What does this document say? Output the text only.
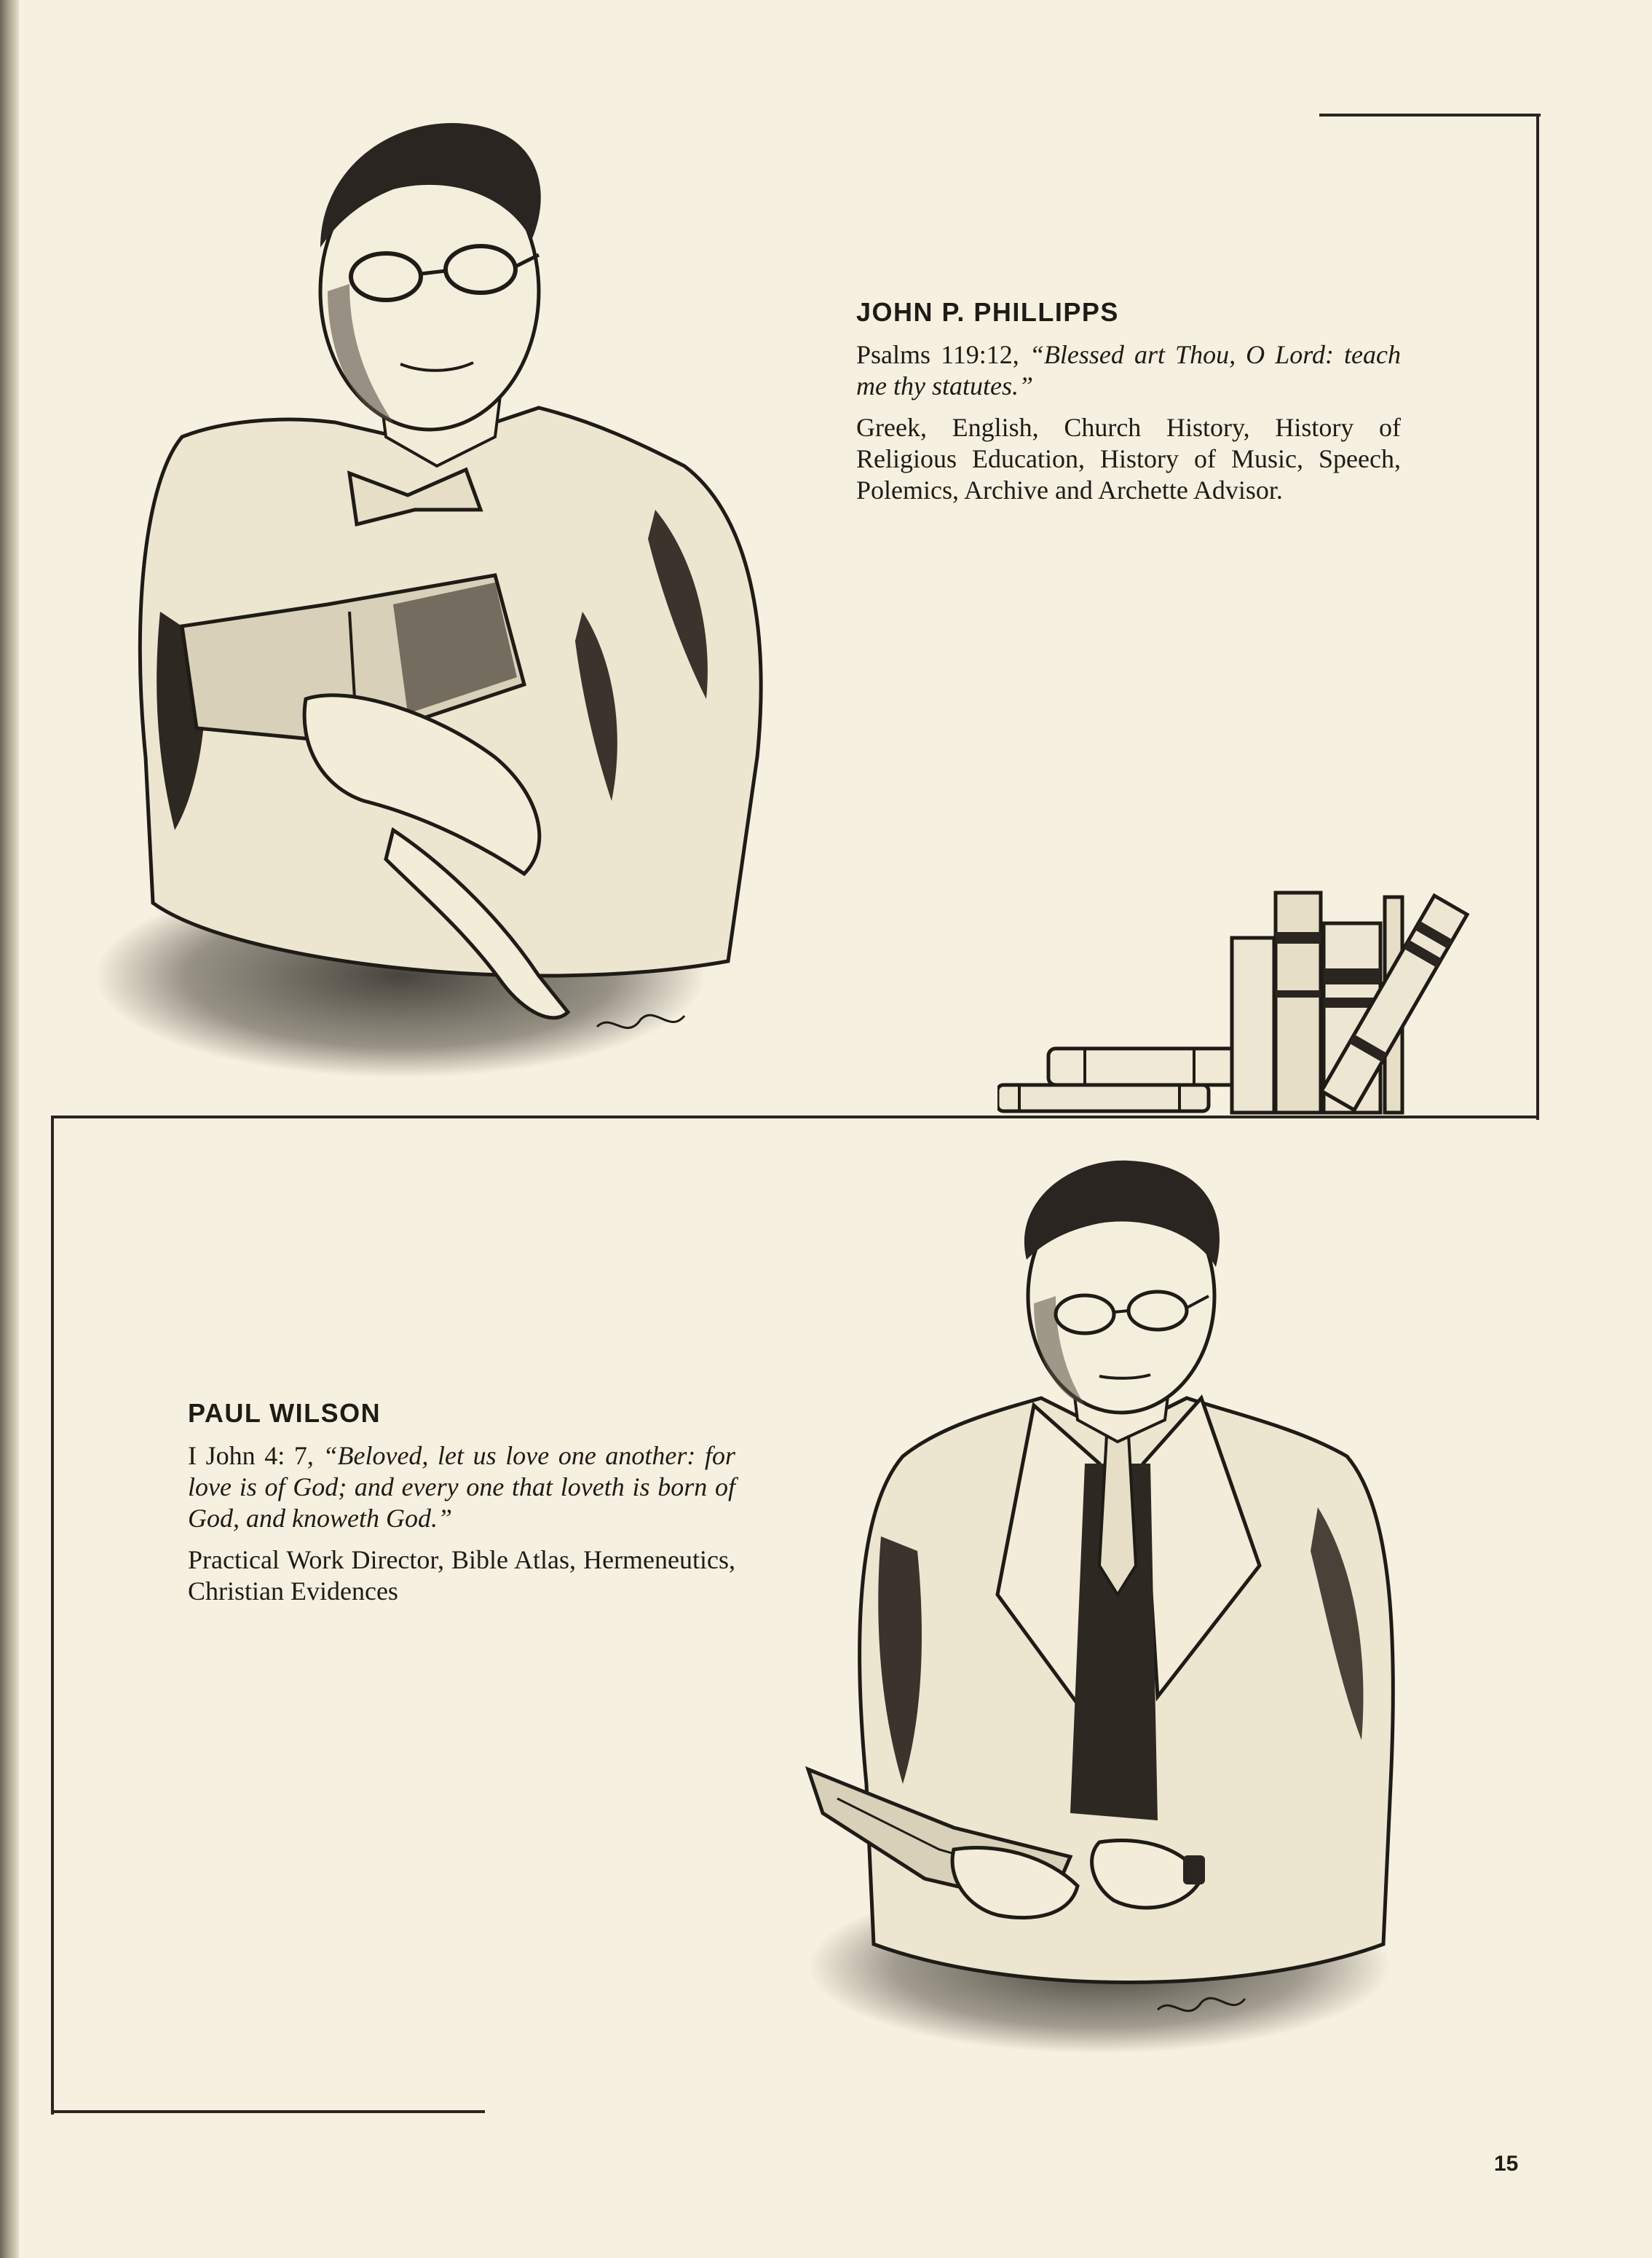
JOHN P. PHILLIPPS
Psalms 119:12, “Blessed art Thou, O Lord: teach me thy statutes.”
Greek, English, Church History, History of Religious Education, History of Music, Speech, Polemics, Archive and Archette Advisor.
PAUL WILSON
I John 4: 7, “Beloved, let us love one another: for love is of God; and every one that loveth is born of God, and knoweth God.”
Practical Work Director, Bible Atlas, Hermeneutics, Christian Evidences
15
